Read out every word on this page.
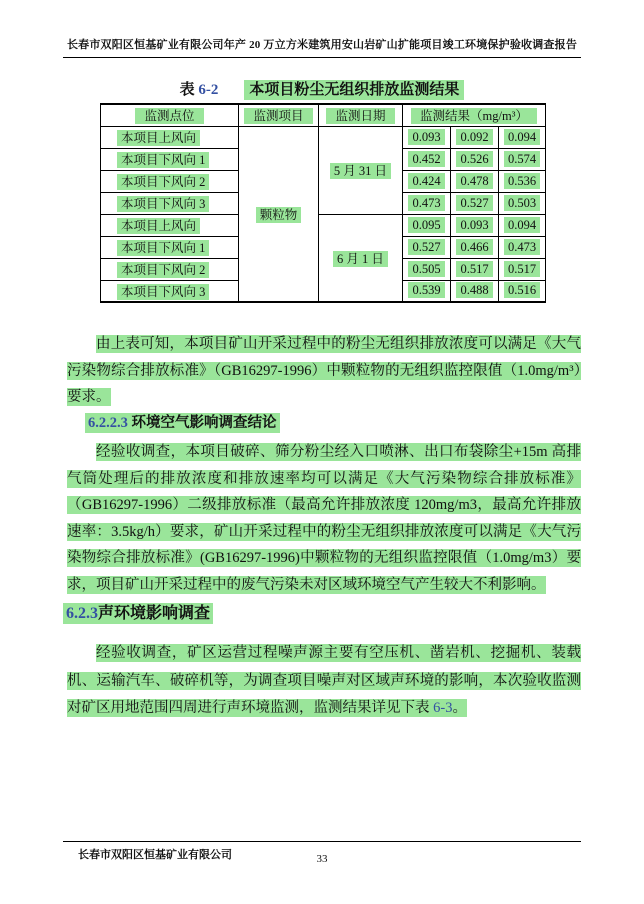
长春市双阳区恒基矿业有限公司年产 20 万立方米建筑用安山岩矿山扩能项目竣工环境保护验收调查报告
表 6-2 本项目粉尘无组织排放监测结果
监测点位	监测项目	监测日期	监测结果（mg/m³）		
本项目上风向	颗粒物	5 月 31 日	0.093	0.092	0.094
本项目下风向 1			0.452	0.526	0.574
本项目下风向 2			0.424	0.478	0.536
本项目下风向 3			0.473	0.527	0.503
本项目上风向		6 月 1 日	0.095	0.093	0.094
本项目下风向 1			0.527	0.466	0.473
本项目下风向 2			0.505	0.517	0.517
本项目下风向 3			0.539	0.488	0.516

由上表可知，本项目矿山开采过程中的粉尘无组织排放浓度可以满足《大气污染物综合排放标准》（GB16297-1996）中颗粒物的无组织监控限值（1.0mg/m³）要求。

6.2.2.3 环境空气影响调查结论

经验收调查，本项目破碎、筛分粉尘经入口喷淋、出口布袋除尘+15m 高排气筒处理后的排放浓度和排放速率均可以满足《大气污染物综合排放标准》（GB16297-1996）二级排放标准（最高允许排放浓度 120mg/m3，最高允许排放速率：3.5kg/h）要求，矿山开采过程中的粉尘无组织排放浓度可以满足《大气污染物综合排放标准》(GB16297-1996)中颗粒物的无组织监控限值（1.0mg/m3）要求，项目矿山开采过程中的废气污染未对区域环境空气产生较大不利影响。

6.2.3声环境影响调查

经验收调查，矿区运营过程噪声源主要有空压机、凿岩机、挖掘机、装载机、运输汽车、破碎机等，为调查项目噪声对区域声环境的影响，本次验收监测对矿区用地范围四周进行声环境监测，监测结果详见下表 6-3。

长春市双阳区恒基矿业有限公司	33
